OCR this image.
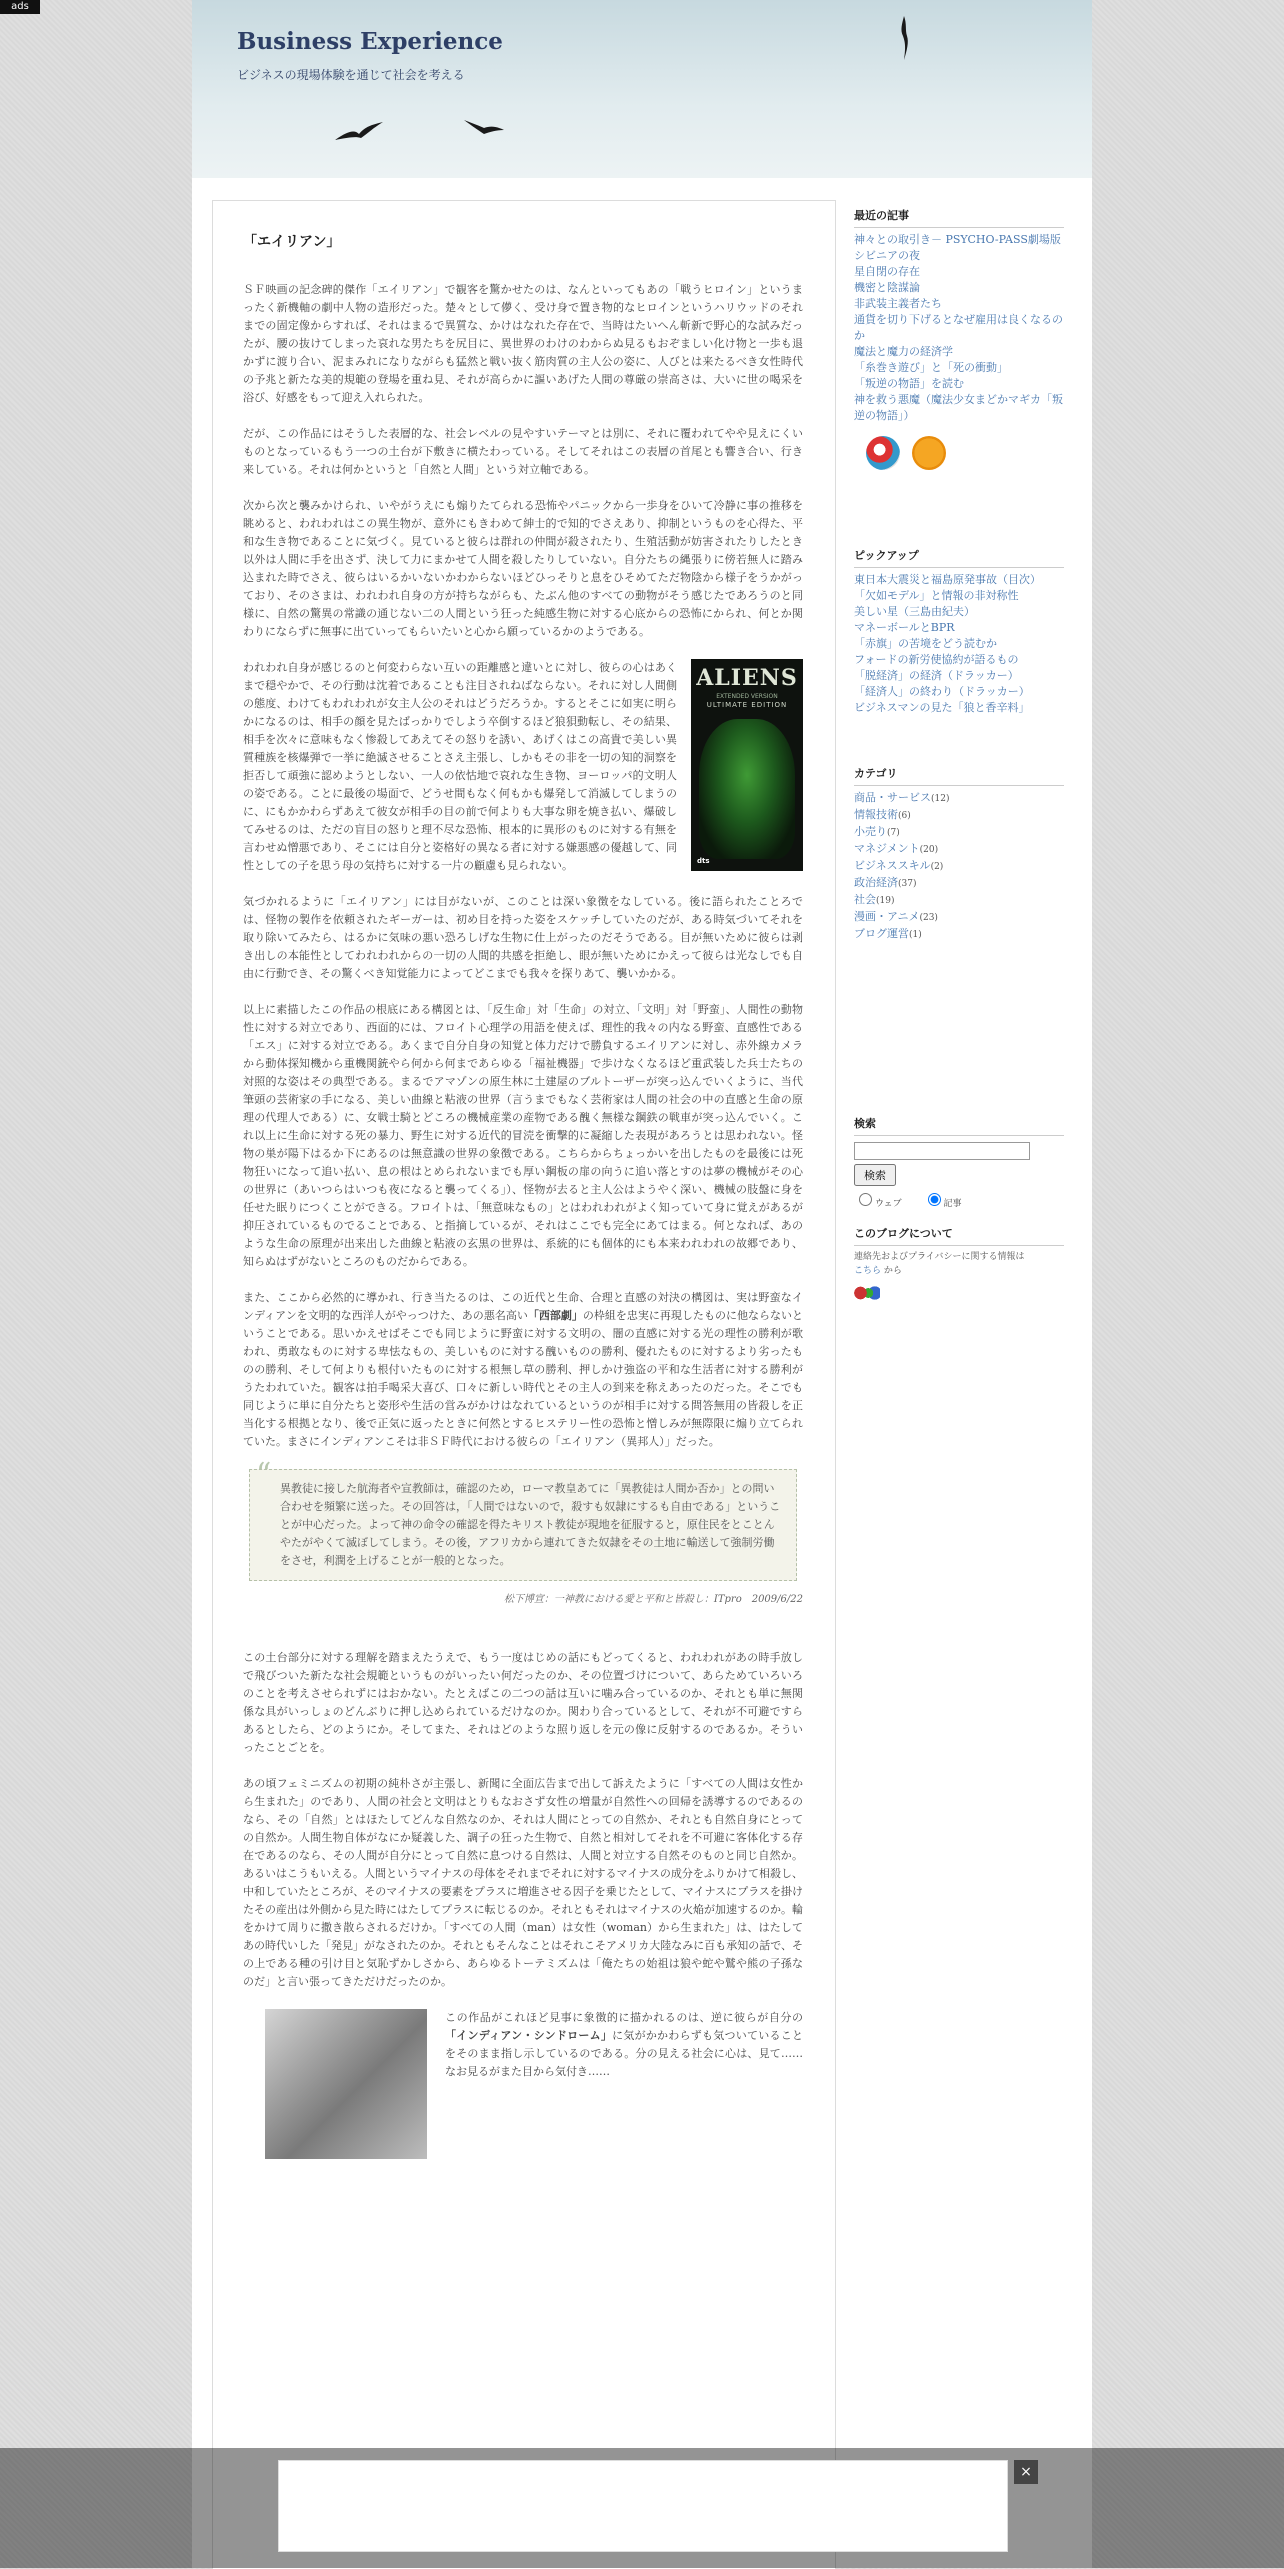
ads
Business Experience
ビジネスの現場体験を通じて社会を考える
「エイリアン」

ＳＦ映画の記念碑的傑作「エイリアン」で観客を驚かせたのは、なんといってもあの「戦うヒロイン」というまったく新機軸の劇中人物の造形だった。楚々として儚く、受け身で置き物的なヒロインというハリウッドのそれまでの固定像からすれば、それはまるで異質な、かけはなれた存在で、当時はたいへん斬新で野心的な試みだったが、腰の抜けてしまった哀れな男たちを尻目に、異世界のわけのわからぬ見るもおぞましい化け物と一歩も退かずに渡り合い、泥まみれになりながらも猛然と戦い抜く筋肉質の主人公の姿に、人びとは来たるべき女性時代の予兆と新たな美的規範の登場を重ね見、それが高らかに謳いあげた人間の尊厳の崇高さは、大いに世の喝采を浴び、好感をもって迎え入れられた。

だが、この作品にはそうした表層的な、社会レベルの見やすいテーマとは別に、それに覆われてやや見えにくいものとなっているもう一つの土台が下敷きに横たわっている。そしてそれはこの表層の首尾とも響き合い、行き来している。それは何かというと「自然と人間」という対立軸である。

次から次と襲みかけられ、いやがうえにも煽りたてられる恐怖やパニックから一歩身をひいて冷静に事の推移を眺めると、われわれはこの異生物が、意外にもきわめて紳士的で知的でさえあり、抑制というものを心得た、平和な生き物であることに気づく。見ていると彼らは群れの仲間が殺されたり、生殖活動が妨害されたりしたとき以外は人間に手を出さず、決して力にまかせて人間を殺したりしていない。自分たちの縄張りに傍若無人に踏み込まれた時でさえ、彼らはいるかいないかわからないほどひっそりと息をひそめてただ物陰から様子をうかがっており、そのさまは、われわれ自身の方が持ちながらも、たぶん他のすべての動物がそう感じたであろうのと同様に、自然の驚異の常識の通じない二の人間という狂った純感生物に対する心底からの恐怖にかられ、何とか関わりにならずに無事に出ていってもらいたいと心から願っているかのようである。

ALIENS
EXTENDED VERSION
ULTIMATE EDITION
dts

われわれ自身が感じるのと何変わらない互いの距離感と違いとに対し、彼らの心はあくまで穏やかで、その行動は沈着であることも注目されねばならない。それに対し人間側の態度、わけてもわれわれが女主人公のそれはどうだろうか。するとそこに如実に明らかになるのは、相手の顔を見たばっかりでしよう卒倒するほど狼狽動転し、その結果、相手を次々に意味もなく惨殺してあえてその怒りを誘い、あげくはこの高貴で美しい異質種族を核爆弾で一挙に絶滅させることさえ主張し、しかもその非を一切の知的洞察を拒否して頑強に認めようとしない、一人の依怙地で哀れな生き物、ヨーロッパ的文明人の姿である。ことに最後の場面で、どうせ間もなく何もかも爆発して消滅してしまうのに、にもかかわらずあえて彼女が相手の目の前で何よりも大事な卵を焼き払い、爆破してみせるのは、ただの盲目の怒りと理不尽な恐怖、根本的に異形のものに対する有無を言わせぬ憎悪であり、そこには自分と姿格好の異なる者に対する嫌悪感の優越して、同性としての子を思う母の気持ちに対する一片の顧慮も見られない。

気づかれるように「エイリアン」には目がないが、このことは深い象徴をなしている。後に語られたことろでは、怪物の製作を依頼されたギーガーは、初め目を持った姿をスケッチしていたのだが、ある時気づいてそれを取り除いてみたら、はるかに気味の悪い恐ろしげな生物に仕上がったのだそうである。目が無いために彼らは剥き出しの本能性としてわれわれからの一切の人間的共感を拒絶し、眼が無いためにかえって彼らは光なしでも自由に行動でき、その驚くべき知覚能力によってどこまでも我々を探りあて、襲いかかる。

以上に素描したこの作品の根底にある構図とは、「反生命」対「生命」の対立、「文明」対「野蛮」、人間性の動物性に対する対立であり、西面的には、フロイト心理学の用語を使えば、理性的我々の内なる野蛮、直感性である「エス」に対する対立である。あくまで自分自身の知覚と体力だけで勝負するエイリアンに対し、赤外線カメラから動体探知機から重機関銃やら何から何まであらゆる「福祉機器」で歩けなくなるほど重武装した兵士たちの対照的な姿はその典型である。まるでアマゾンの原生林に土建屋のブルトーザーが突っ込んでいくように、当代筆頭の芸術家の手になる、美しい曲線と粘液の世界（言うまでもなく芸術家は人間の社会の中の直感と生命の原理の代理人である）に、女戦士騎とどころの機械産業の産物である醜く無様な鋼鉄の戦車が突っ込んでいく。これ以上に生命に対する死の暴力、野生に対する近代的冒涜を衝撃的に凝縮した表現があろうとは思われない。怪物の巣が陽下はるか下にあるのは無意識の世界の象徴である。こちらからちょっかいを出したものを最後には死物狂いになって追い払い、息の根はとめられないまでも厚い鋼板の扉の向うに追い落とすのは夢の機械がその心の世界に（あいつらはいつも夜になると襲ってくる」）、怪物が去ると主人公はようやく深い、機械の肢盤に身を任せた眠りにつくことができる。フロイトは、「無意味なもの」とはわれわれがよく知っていて身に覚えがあるが抑圧されているものでることである、と指摘しているが、それはここでも完全にあてはまる。何となれば、あのような生命の原理が出来出した曲線と粘液の玄黒の世界は、系統的にも個体的にも本来われわれの故郷であり、知らぬはずがないところのものだからである。

また、ここから必然的に導かれ、行き当たるのは、この近代と生命、合理と直感の対決の構図は、実は野蛮なインディアンを文明的な西洋人がやっつけた、あの悪名高い「西部劇」の枠組を忠実に再現したものに他ならないということである。思いかえせばそこでも同じように野蛮に対する文明の、闇の直感に対する光の理性の勝利が歌われ、勇敢なものに対する卑怯なもの、美しいものに対する醜いものの勝利、優れたものに対するより劣ったものの勝利、そして何よりも根付いたものに対する根無し草の勝利、押しかけ強盗の平和な生活者に対する勝利がうたわれていた。観客は拍手喝采大喜び、口々に新しい時代とその主人の到来を称えあったのだった。そこでも同じように単に自分たちと姿形や生活の営みがかけはなれているというのが相手に対する問答無用の皆殺しを正当化する根拠となり、後で正気に返ったときに何然とするヒステリー性の恐怖と憎しみが無際限に煽り立てられていた。まさにインディアンこそは非ＳＦ時代における彼らの「エイリアン（異邦人）」だった。

“ 異教徒に接した航海者や宣教師は，確認のため，ローマ教皇あてに「異教徒は人間か否か」との問い合わせを頻繁に送った。その回答は，「人間ではないので，殺すも奴隷にするも自由である」ということが中心だった。よって神の命令の確認を得たキリスト教徒が現地を征服すると，原住民をとことんやたがやくて滅ぼしてしまう。その後，アフリカから連れてきた奴隷をその土地に輸送して強制労働をさせ，利潤を上げることが一般的となった。
松下博宣：一神教における愛と平和と皆殺し：ITpro　2009/6/22

この土台部分に対する理解を踏まえたうえで、もう一度はじめの話にもどってくると、われわれがあの時手放しで飛びついた新たな社会規範というものがいったい何だったのか、その位置づけについて、あらためていろいろのことを考えさせられずにはおかない。たとえばこの二つの話は互いに噛み合っているのか、それとも単に無関係な具がいっしょのどんぶりに押し込められているだけなのか。関わり合っているとして、それが不可避ですらあるとしたら、どのようにか。そしてまた、それはどのような照り返しを元の像に反射するのであるか。そういったことごとを。

あの頃フェミニズムの初期の純朴さが主張し、新聞に全面広告まで出して訴えたように「すべての人間は女性から生まれた」のであり、人間の社会と文明はとりもなおさず女性の増量が自然性への回帰を誘導するのであるのなら、その「自然」とはほたしてどんな自然なのか、それは人間にとっての自然か、それとも自然自身にとっての自然か。人間生物自体がなにか疑義した、調子の狂った生物で、自然と相対してそれを不可避に客体化する存在であるのなら、その人間が自分にとって自然に息つける自然は、人間と対立する自然そのものと同じ自然か。あるいはこうもいえる。人間というマイナスの母体をそれまでそれに対するマイナスの成分をふりかけて相殺し、中和していたところが、そのマイナスの要素をプラスに増進させる因子を乗じたとして、マイナスにプラスを掛けたその産出は外側から見た時にはたしてプラスに転じるのか。それともそれはマイナスの火焔が加速するのか。輪をかけて周りに撒き散らされるだけか。「すべての人間（man）は女性（woman）から生まれた」は、はたしてあの時代いした「発見」がなされたのか。それともそんなことはそれこそアメリカ大陸なみに百も承知の話で、その上である種の引け目と気恥ずかしさから、あらゆるトーテミズムは「俺たちの始祖は狼や蛇や鷲や熊の子孫なのだ」と言い張ってきただけだったのか。

この作品がこれほど見事に象徴的に描かれるのは、逆に彼らが自分の「インディアン・シンドローム」に気がかかわらずも気ついていることをそのまま指し示しているのである。分の見える社会に心は、見て……なお見るがまた目から気付き……

最近の記事
神々との取引き－ PSYCHO-PASS劇場版
シビニアの夜
星自閉の存在
機密と陰謀論
非武装主義者たち
通貨を切り下げるとなぜ雇用は良くなるのか
魔法と魔力の経済学
「糸巻き遊び」と「死の衝動」
「叛逆の物語」を読む
神を救う悪魔（魔法少女まどかマギカ「叛逆の物語」）

ピックアップ
東日本大震災と福島原発事故（目次）
「欠如モデル」と情報の非対称性
美しい星（三島由紀夫）
マネーボールとBPR
「赤旗」の苦境をどう読むか
フォードの新労使協約が語るもの
「脱経済」の経済（ドラッカー）
「経済人」の終わり（ドラッカー）
ビジネスマンの見た「狼と香辛料」
カテゴリ
商品・サービス(12)
情報技術(6)
小売り(7)
マネジメント(20)
ビジネススキル(2)
政治経済(37)
社会(19)
漫画・アニメ(23)
ブログ運営(1)
検索

検索
ウェブ	記事
このブログについて
連絡先およびプライバシーに関する情報は
こちら から
×
